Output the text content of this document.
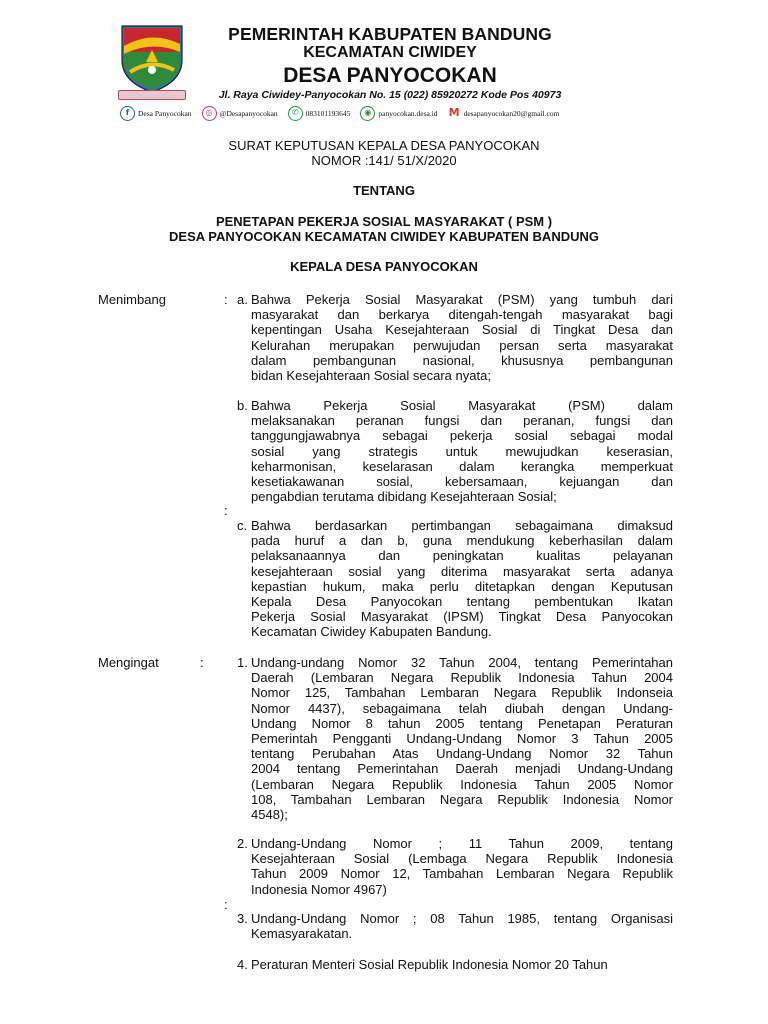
PEMERINTAH KABUPATEN BANDUNG
KECAMATAN CIWIDEY
DESA PANYOCOKAN
Jl. Raya Ciwidey-Panyocokan No. 15 (022) 85920272 Kode Pos 40973
f	Desa Panyocokan	◎ @Desapanyocokan	✆ 083101193645	◉ panyocokan.desa.id M desapanyocokan20@gmail.com
SURAT KEPUTUSAN KEPALA DESA PANYOCOKAN
NOMOR :141/ 51/X/2020
TENTANG
PENETAPAN PEKERJA SOSIAL MASYARAKAT ( PSM )
DESA PANYOCOKAN KECAMATAN CIWIDEY KABUPATEN BANDUNG
KEPALA DESA PANYOCOKAN
Menimbang	:
:
a. Bahwa Pekerja Sosial Masyarakat (PSM) yang tumbuh dari
masyarakat dan berkarya ditengah-tengah masyarakat bagi
kepentingan Usaha Kesejahteraan Sosial di Tingkat Desa dan
Kelurahan merupakan perwujudan persan serta masyarakat
dalam pembangunan nasional, khususnya pembangunan
bidan Kesejahteraan Sosial secara nyata;
b. Bahwa Pekerja Sosial Masyarakat (PSM) dalam
melaksanakan peranan fungsi dan peranan, fungsi dan
tanggungjawabnya sebagai pekerja sosial sebagai modal
sosial yang strategis untuk mewujudkan keserasian,
keharmonisan, keselarasan dalam kerangka memperkuat
kesetiakawanan sosial, kebersamaan, kejuangan dan
pengabdian terutama dibidang Kesejahteraan Sosial;
c. Bahwa berdasarkan pertimbangan sebagaimana dimaksud
pada huruf a dan b, guna mendukung keberhasilan dalam
pelaksanaannya dan peningkatan kualitas pelayanan
kesejahteraan sosial yang diterima masyarakat serta adanya
kepastian hukum, maka perlu ditetapkan dengan Keputusan
Kepala Desa Panyocokan tentang pembentukan Ikatan
Pekerja Sosial Masyarakat (IPSM) Tingkat Desa Panyocokan
Kecamatan Ciwidey Kabupaten Bandung.
Mengingat	:
:
1. Undang-undang Nomor 32 Tahun 2004, tentang Pemerintahan
Daerah (Lembaran Negara Republik Indonesia Tahun 2004
Nomor 125, Tambahan Lembaran Negara Republik Indonseia
Nomor 4437), sebagaimana telah diubah dengan Undang-
Undang Nomor 8 tahun 2005 tentang Penetapan Peraturan
Pemerintah Pengganti Undang-Undang Nomor 3 Tahun 2005
tentang Perubahan Atas Undang-Undang Nomor 32 Tahun
2004 tentang Pemerintahan Daerah menjadi Undang-Undang
(Lembaran Negara Republik Indonesia Tahun 2005 Nomor
108, Tambahan Lembaran Negara Republik Indonesia Nomor
4548);
2. Undang-Undang Nomor ; 11 Tahun 2009, tentang
Kesejahteraan Sosial (Lembaga Negara Republik Indonesia
Tahun 2009 Nomor 12, Tambahan Lembaran Negara Republik
Indonesia Nomor 4967)
3. Undang-Undang Nomor ; 08 Tahun 1985, tentang Organisasi
Kemasyarakatan.
4. Peraturan Menteri Sosial Republik Indonesia Nomor 20 Tahun
